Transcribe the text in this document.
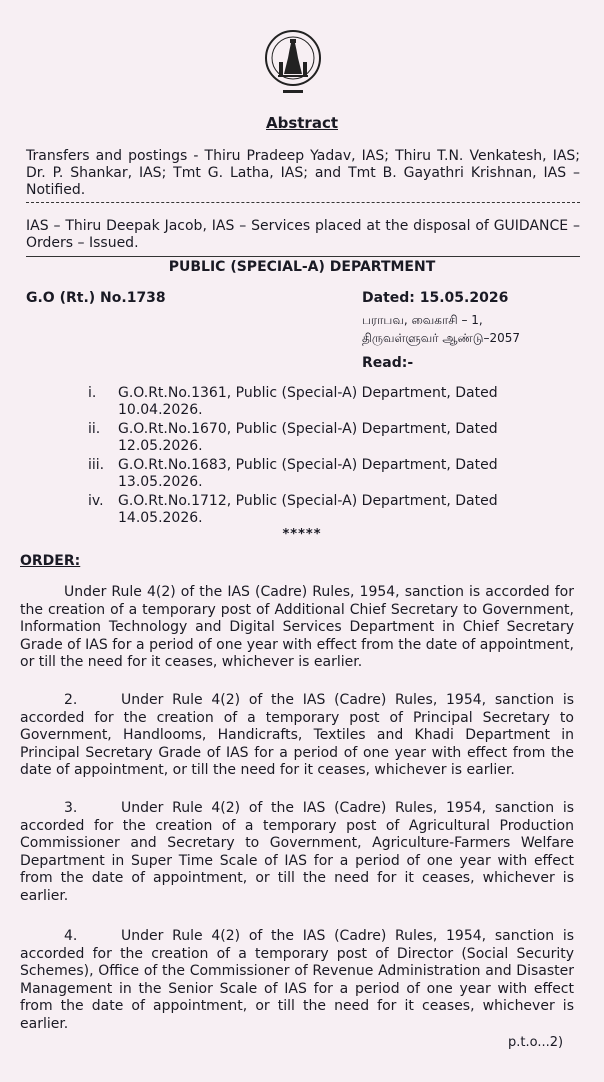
Abstract
Transfers and postings - Thiru Pradeep Yadav, IAS; Thiru T.N. Venkatesh, IAS; Dr. P. Shankar, IAS; Tmt G. Latha, IAS; and Tmt B. Gayathri Krishnan, IAS – Notified.
IAS – Thiru Deepak Jacob, IAS – Services placed at the disposal of GUIDANCE – Orders – Issued.
PUBLIC (SPECIAL-A) DEPARTMENT
G.O (Rt.) No.1738	Dated: 15.05.2026
பராபவ, வைகாசி – 1,
திருவள்ளுவர் ஆண்டு–2057
Read:-
i. G.O.Rt.No.1361, Public (Special-A) Department, Dated 10.04.2026.
ii. G.O.Rt.No.1670, Public (Special-A) Department, Dated 12.05.2026.
iii. G.O.Rt.No.1683, Public (Special-A) Department, Dated 13.05.2026.
iv. G.O.Rt.No.1712, Public (Special-A) Department, Dated 14.05.2026.
*****
ORDER:

Under Rule 4(2) of the IAS (Cadre) Rules, 1954, sanction is accorded for the creation of a temporary post of Additional Chief Secretary to Government, Information Technology and Digital Services Department in Chief Secretary Grade of IAS for a period of one year with effect from the date of appointment, or till the need for it ceases, whichever is earlier.

2.     Under Rule 4(2) of the IAS (Cadre) Rules, 1954, sanction is accorded for the creation of a temporary post of Principal Secretary to Government, Handlooms, Handicrafts, Textiles and Khadi Department in Principal Secretary Grade of IAS for a period of one year with effect from the date of appointment, or till the need for it ceases, whichever is earlier.

3.     Under Rule 4(2) of the IAS (Cadre) Rules, 1954, sanction is accorded for the creation of a temporary post of Agricultural Production Commissioner and Secretary to Government, Agriculture-Farmers Welfare Department in Super Time Scale of IAS for a period of one year with effect from the date of appointment, or till the need for it ceases, whichever is earlier.

4.     Under Rule 4(2) of the IAS (Cadre) Rules, 1954, sanction is accorded for the creation of a temporary post of Director (Social Security Schemes), Office of the Commissioner of Revenue Administration and Disaster Management in the Senior Scale of IAS for a period of one year with effect from the date of appointment, or till the need for it ceases, whichever is earlier.

p.t.o...2)
